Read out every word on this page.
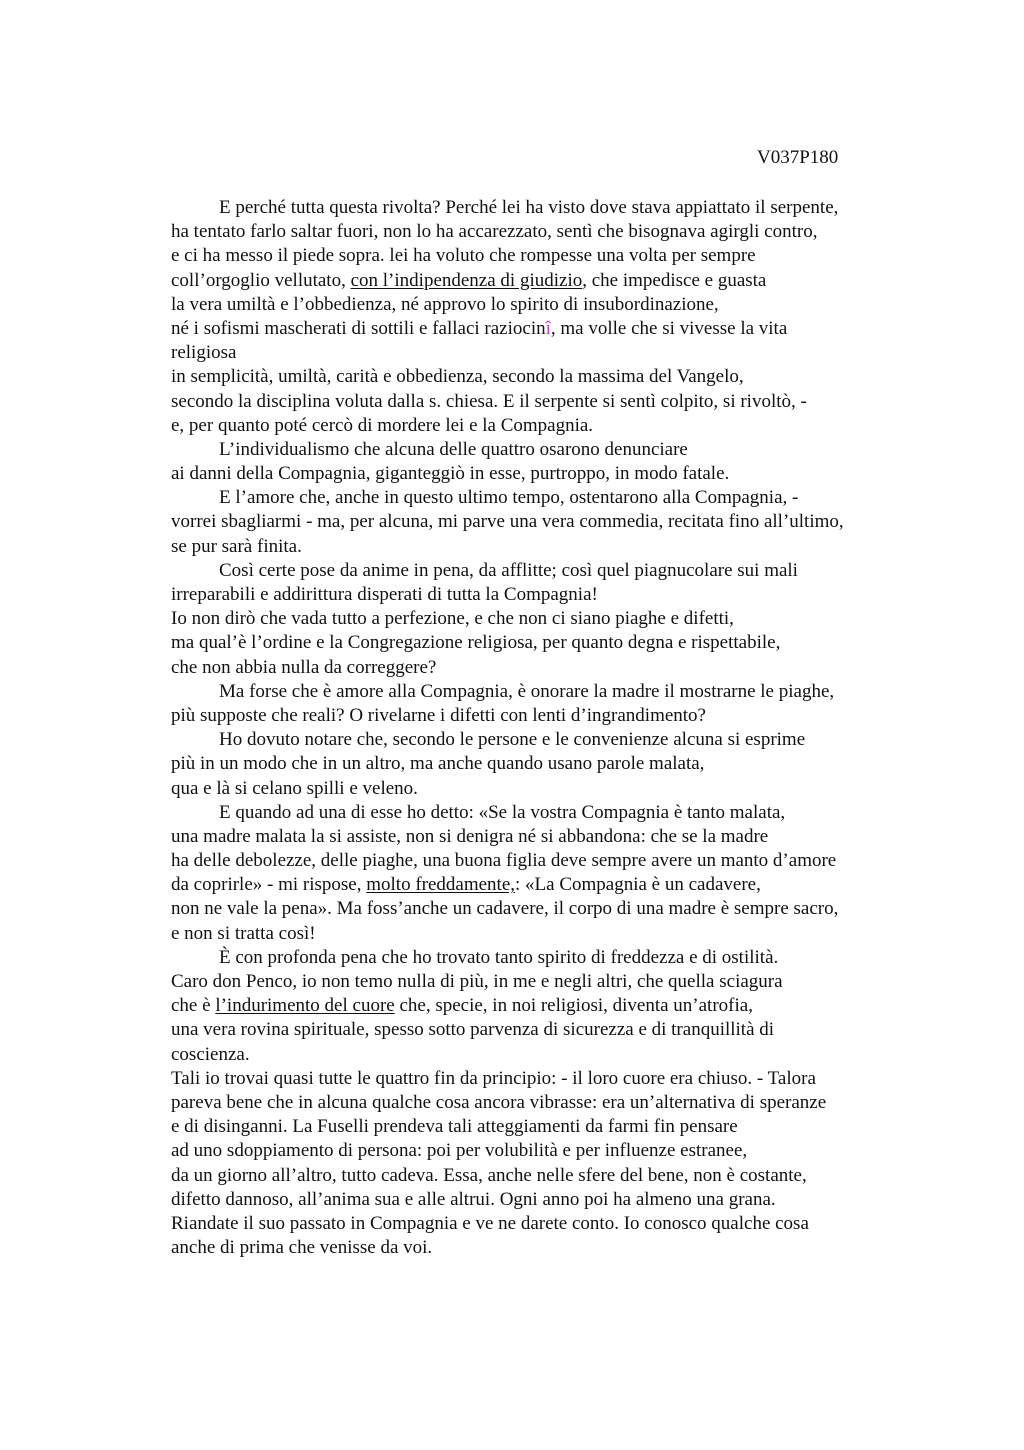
V037P180
E perché tutta questa rivolta? Perché lei ha visto dove stava appiattato il serpente,
ha tentato farlo saltar fuori, non lo ha accarezzato, sentì che bisognava agirgli contro,
e ci ha messo il piede sopra. lei ha voluto che rompesse una volta per sempre
coll’orgoglio vellutato, con l’indipendenza di giudizio, che impedisce e guasta
la vera umiltà e l’obbedienza, né approvo lo spirito di insubordinazione,
né i sofismi mascherati di sottili e fallaci raziocinî, ma volle che si vivesse la vita
religiosa
in semplicità, umiltà, carità e obbedienza, secondo la massima del Vangelo,
secondo la disciplina voluta dalla s. chiesa. E il serpente si sentì colpito, si rivoltò, -
e, per quanto poté cercò di mordere lei e la Compagnia.
L’individualismo che alcuna delle quattro osarono denunciare
ai danni della Compagnia, giganteggiò in esse, purtroppo, in modo fatale.
E l’amore che, anche in questo ultimo tempo, ostentarono alla Compagnia, -
vorrei sbagliarmi - ma, per alcuna, mi parve una vera commedia, recitata fino all’ultimo,
se pur sarà finita.
Così certe pose da anime in pena, da afflitte; così quel piagnucolare sui mali
irreparabili e addirittura disperati di tutta la Compagnia!
Io non dirò che vada tutto a perfezione, e che non ci siano piaghe e difetti,
ma qual’è l’ordine e la Congregazione religiosa, per quanto degna e rispettabile,
che non abbia nulla da correggere?
Ma forse che è amore alla Compagnia, è onorare la madre il mostrarne le piaghe,
più supposte che reali? O rivelarne i difetti con lenti d’ingrandimento?
Ho dovuto notare che, secondo le persone e le convenienze alcuna si esprime
più in un modo che in un altro, ma anche quando usano parole malata,
qua e là si celano spilli e veleno.
E quando ad una di esse ho detto: «Se la vostra Compagnia è tanto malata,
una madre malata la si assiste, non si denigra né si abbandona: che se la madre
ha delle debolezze, delle piaghe, una buona figlia deve sempre avere un manto d’amore
da coprirle» - mi rispose, molto freddamente,: «La Compagnia è un cadavere,
non ne vale la pena». Ma foss’anche un cadavere, il corpo di una madre è sempre sacro,
e non si tratta così!
È con profonda pena che ho trovato tanto spirito di freddezza e di ostilità.
Caro don Penco, io non temo nulla di più, in me e negli altri, che quella sciagura
che è l’indurimento del cuore che, specie, in noi religiosi, diventa un’atrofia,
una vera rovina spirituale, spesso sotto parvenza di sicurezza e di tranquillità di
coscienza.
Tali io trovai quasi tutte le quattro fin da principio: - il loro cuore era chiuso. - Talora
pareva bene che in alcuna qualche cosa ancora vibrasse: era un’alternativa di speranze
e di disinganni. La Fuselli prendeva tali atteggiamenti da farmi fin pensare
ad uno sdoppiamento di persona: poi per volubilità e per influenze estranee,
da un giorno all’altro, tutto cadeva. Essa, anche nelle sfere del bene, non è costante,
difetto dannoso, all’anima sua e alle altrui. Ogni anno poi ha almeno una grana.
Riandate il suo passato in Compagnia e ve ne darete conto. Io conosco qualche cosa
anche di prima che venisse da voi.
